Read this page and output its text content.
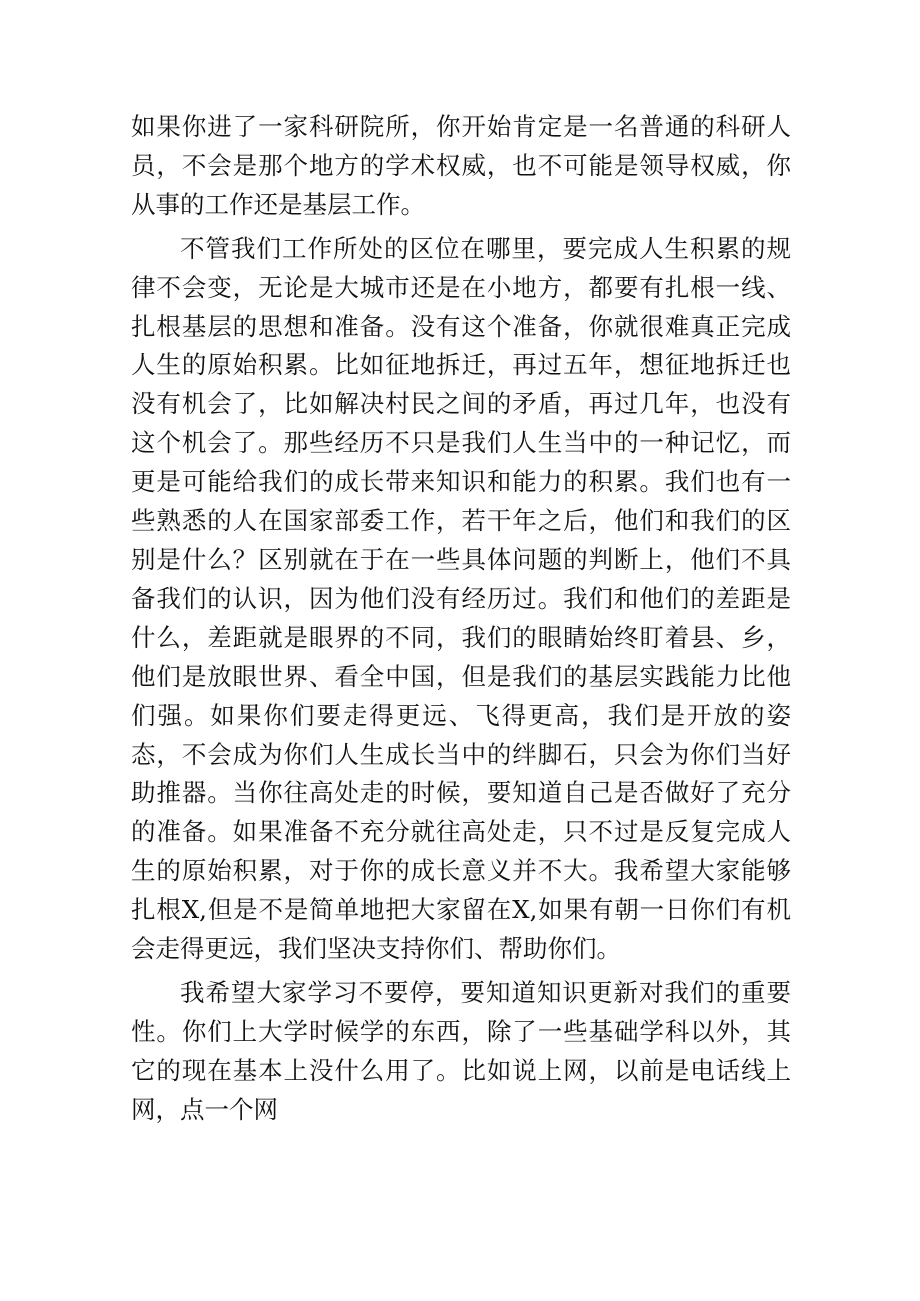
如果你进了一家科研院所，你开始肯定是一名普通的科研人员，不会是那个地方的学术权威，也不可能是领导权威，你从事的工作还是基层工作。

不管我们工作所处的区位在哪里，要完成人生积累的规律不会变，无论是大城市还是在小地方，都要有扎根一线、扎根基层的思想和准备。没有这个准备，你就很难真正完成人生的原始积累。比如征地拆迁，再过五年，想征地拆迁也没有机会了，比如解决村民之间的矛盾，再过几年，也没有这个机会了。那些经历不只是我们人生当中的一种记忆，而更是可能给我们的成长带来知识和能力的积累。我们也有一些熟悉的人在国家部委工作，若干年之后，他们和我们的区别是什么？区别就在于在一些具体问题的判断上，他们不具备我们的认识，因为他们没有经历过。我们和他们的差距是什么，差距就是眼界的不同，我们的眼睛始终盯着县、乡，他们是放眼世界、看全中国，但是我们的基层实践能力比他们强。如果你们要走得更远、飞得更高，我们是开放的姿态，不会成为你们人生成长当中的绊脚石，只会为你们当好助推器。当你往高处走的时候，要知道自己是否做好了充分的准备。如果准备不充分就往高处走，只不过是反复完成人生的原始积累，对于你的成长意义并不大。我希望大家能够扎根X,但是不是简单地把大家留在X,如果有朝一日你们有机会走得更远，我们坚决支持你们、帮助你们。

我希望大家学习不要停，要知道知识更新对我们的重要性。你们上大学时候学的东西，除了一些基础学科以外，其它的现在基本上没什么用了。比如说上网，以前是电话线上网，点一个网
